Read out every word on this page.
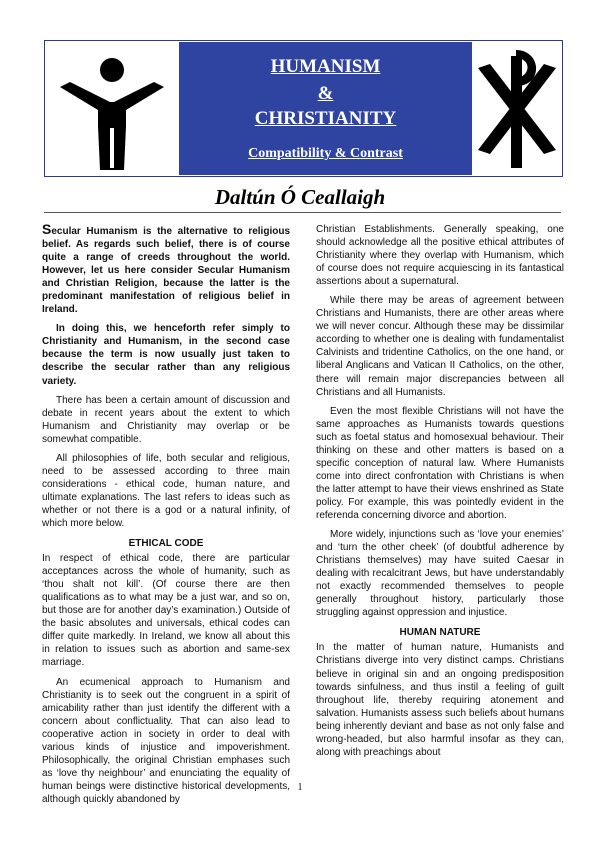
HUMANISM
&
CHRISTIANITY
Compatibility & Contrast
Daltún Ó Ceallaigh

Secular Humanism is the alternative to religious belief. As regards such belief, there is of course quite a range of creeds throughout the world. However, let us here consider Secular Humanism and Christian Religion, because the latter is the predominant manifestation of religious belief in Ireland.

In doing this, we henceforth refer simply to Christianity and Humanism, in the second case because the term is now usually just taken to describe the secular rather than any religious variety.

There has been a certain amount of discussion and debate in recent years about the extent to which Humanism and Christianity may overlap or be somewhat compatible.

All philosophies of life, both secular and religious, need to be assessed according to three main considerations - ethical code, human nature, and ultimate explanations. The last refers to ideas such as whether or not there is a god or a natural infinity, of which more below.

ETHICAL CODE

In respect of ethical code, there are particular acceptances across the whole of humanity, such as ‘thou shalt not kill’. (Of course there are then qualifications as to what may be a just war, and so on, but those are for another day’s examination.) Outside of the basic absolutes and universals, ethical codes can differ quite markedly. In Ireland, we know all about this in relation to issues such as abortion and same-sex marriage.

An ecumenical approach to Humanism and Christianity is to seek out the congruent in a spirit of amicability rather than just identify the different with a concern about conflictuality. That can also lead to cooperative action in society in order to deal with various kinds of injustice and impoverishment. Philosophically, the original Christian emphases such as ‘love thy neighbour’ and enunciating the equality of human beings were distinctive historical developments, although quickly abandoned by

Christian Establishments. Generally speaking, one should acknowledge all the positive ethical attributes of Christianity where they overlap with Humanism, which of course does not require acquiescing in its fantastical assertions about a supernatural.

While there may be areas of agreement between Christians and Humanists, there are other areas where we will never concur. Although these may be dissimilar according to whether one is dealing with fundamentalist Calvinists and tridentine Catholics, on the one hand, or liberal Anglicans and Vatican II Catholics, on the other, there will remain major discrepancies between all Christians and all Humanists.

Even the most flexible Christians will not have the same approaches as Humanists towards questions such as foetal status and homosexual behaviour. Their thinking on these and other matters is based on a specific conception of natural law. Where Humanists come into direct confrontation with Christians is when the latter attempt to have their views enshrined as State policy. For example, this was pointedly evident in the referenda concerning divorce and abortion.

More widely, injunctions such as ‘love your enemies’ and ‘turn the other cheek’ (of doubtful adherence by Christians themselves) may have suited Caesar in dealing with recalcitrant Jews, but have understandably not exactly recommended themselves to people generally throughout history, particularly those struggling against oppression and injustice.

HUMAN NATURE

In the matter of human nature, Humanists and Christians diverge into very distinct camps. Christians believe in original sin and an ongoing predisposition towards sinfulness, and thus instil a feeling of guilt throughout life, thereby requiring atonement and salvation. Humanists assess such beliefs about humans being inherently deviant and base as not only false and wrong-headed, but also harmful insofar as they can, along with preachings about

1
